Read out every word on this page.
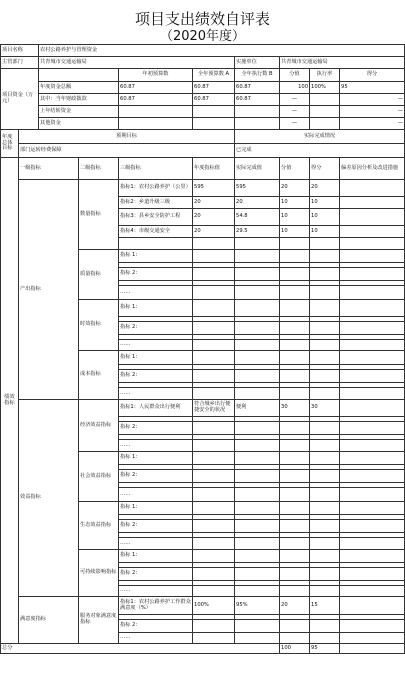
项目支出绩效自评表
（2020年度）
项目名称		农村公路养护与管理资金							
主管部门		共青城市交通运输局				实施单位	共青城市交通运输局		
项目资金（万元）				年初预算数	全年预算数 A	全年执行数 B	分值	执行率	得分
		年度资金总额		60.87	60.87	60.87	100	100%	95
		其中：当年财政拨款		60.87	60.87	60.87	—		—
		上年结转资金					—		—
		其他资金					—		—
年度总体目标	预期目标					实际完成情况			
	部门运转经费保障					已完成			
绩效指标	一级指标		二级指标	三级指标	年度指标值	实际完成值	分值	得分	偏差原因分析及改进措施
	产出指标		数量指标	指标1：农村公路养护（公里）	595	595	20	20	
				指标2：乡道升级三级	20	20	10	10	
				指标3：县乡安全防护工程	20	54.8	10	10	
				指标4：市级交通安全	20	29.5	10	10	

			质量指标	指标 1：					

				指标 2：					

				……					
			时效指标	指标 1：					

				指标 2：					

				……					
			成本指标	指标 1：					

				指标 2：					

				……					
	效益指标		经济效益指标	指标1：人民群众出行便利	符合城乡出行便捷安全的状况	便利	30	30	

				指标 2：					

				……					
			社会效益指标	指标 1：					

				指标 2：					

				……					
			生态效益指标	指标 1：					

				指标 2：					

				……					
			可持续影响指标	指标 1：					

				指标 2：					

				……					
	满意度指标		服务对象满意度指标	指标1：农村公路养护工作群众满意度（%）	100%	95%	20	15	

				指标 2：					
				……					
总分							100	95	
